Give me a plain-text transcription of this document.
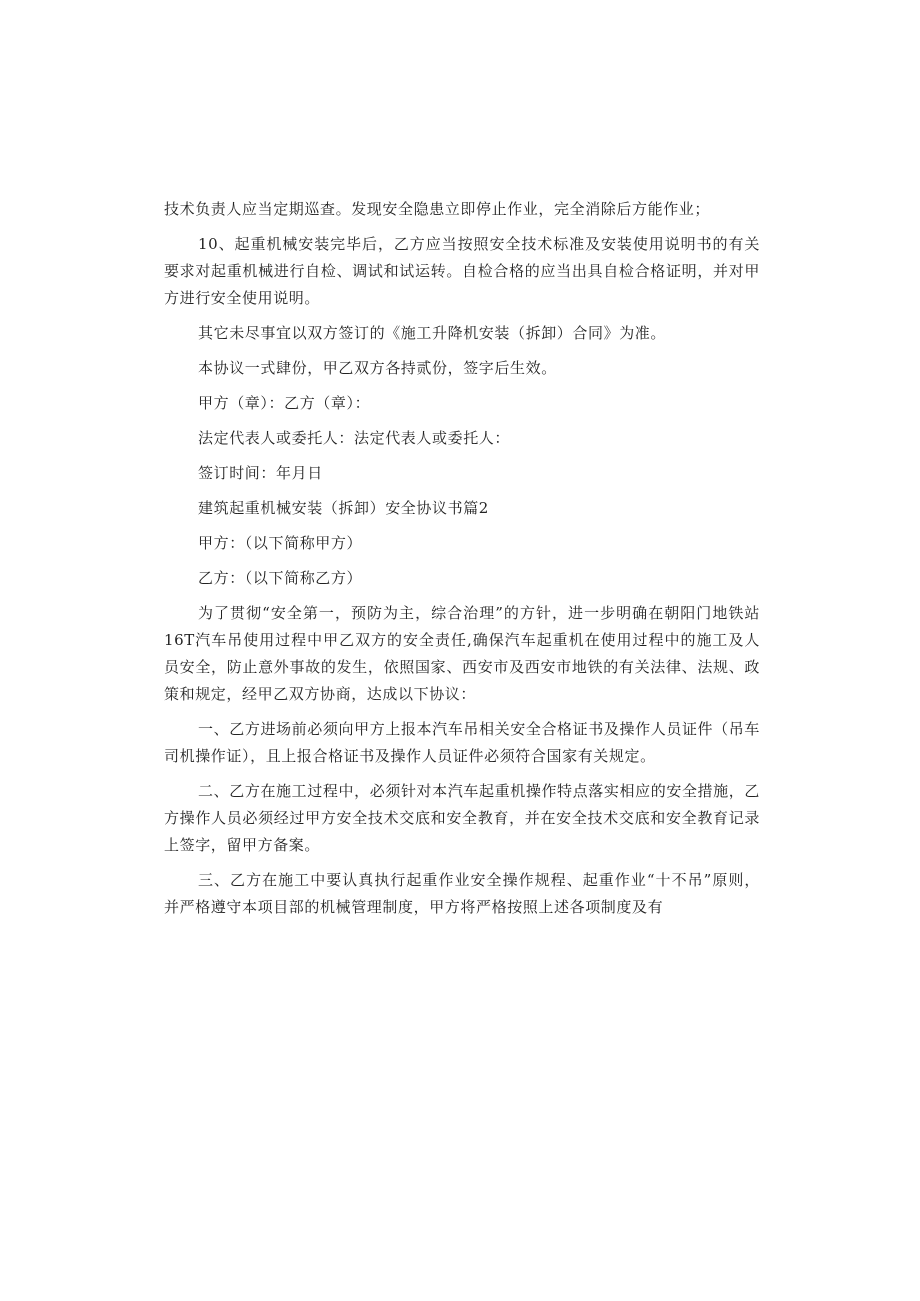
技术负责人应当定期巡查。发现安全隐患立即停止作业，完全消除后方能作业；

10、起重机械安装完毕后，乙方应当按照安全技术标准及安装使用说明书的有关要求对起重机械进行自检、调试和试运转。自检合格的应当出具自检合格证明，并对甲方进行安全使用说明。

其它未尽事宜以双方签订的《施工升降机安装（拆卸）合同》为准。

本协议一式肆份，甲乙双方各持贰份，签字后生效。

甲方（章）：乙方（章）：

法定代表人或委托人：法定代表人或委托人：

签订时间：年月日

建筑起重机械安装（拆卸）安全协议书篇2

甲方：（以下简称甲方）

乙方：（以下简称乙方）

为了贯彻“安全第一，预防为主，综合治理”的方针，进一步明确在朝阳门地铁站16T汽车吊使用过程中甲乙双方的安全责任,确保汽车起重机在使用过程中的施工及人员安全，防止意外事故的发生，依照国家、西安市及西安市地铁的有关法律、法规、政策和规定，经甲乙双方协商，达成以下协议：

一、乙方进场前必须向甲方上报本汽车吊相关安全合格证书及操作人员证件（吊车司机操作证），且上报合格证书及操作人员证件必须符合国家有关规定。

二、乙方在施工过程中，必须针对本汽车起重机操作特点落实相应的安全措施，乙方操作人员必须经过甲方安全技术交底和安全教育，并在安全技术交底和安全教育记录上签字，留甲方备案。

三、乙方在施工中要认真执行起重作业安全操作规程、起重作业“十不吊”原则，并严格遵守本项目部的机械管理制度，甲方将严格按照上述各项制度及有
